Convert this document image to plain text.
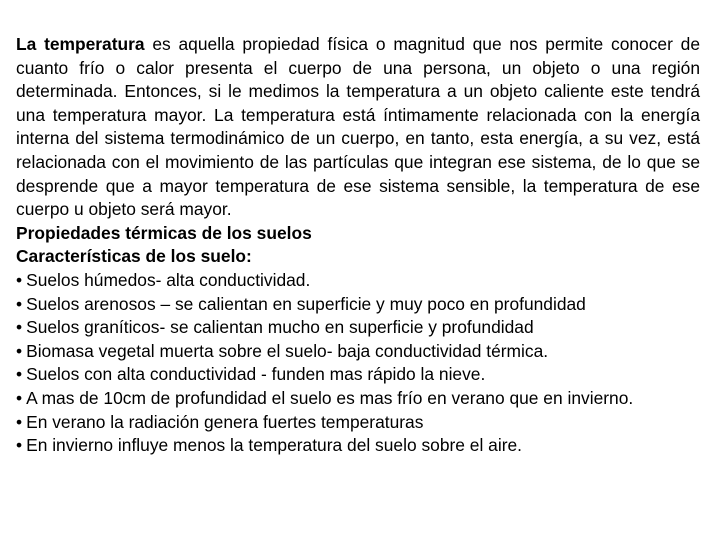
La temperatura es aquella propiedad física o magnitud que nos permite conocer de cuanto frío o calor presenta el cuerpo de una persona, un objeto o una región determinada. Entonces, si le medimos la temperatura a un objeto caliente este tendrá una temperatura mayor. La temperatura está íntimamente relacionada con la energía interna del sistema termodinámico de un cuerpo, en tanto, esta energía, a su vez, está relacionada con el movimiento de las partículas que integran ese sistema, de lo que se desprende que a mayor temperatura de ese sistema sensible, la temperatura de ese cuerpo u objeto será mayor.

Propiedades térmicas de los suelos

Características de los suelo:

• Suelos húmedos- alta conductividad.
• Suelos arenosos – se calientan en superficie y muy poco en profundidad
• Suelos graníticos- se calientan mucho en superficie y profundidad
• Biomasa vegetal muerta sobre el suelo- baja conductividad térmica.
• Suelos con alta conductividad - funden mas rápido la nieve.
• A mas de 10cm de profundidad el suelo es mas frío en verano que en invierno.
• En verano la radiación genera fuertes temperaturas
• En invierno influye menos la temperatura del suelo sobre el aire.
